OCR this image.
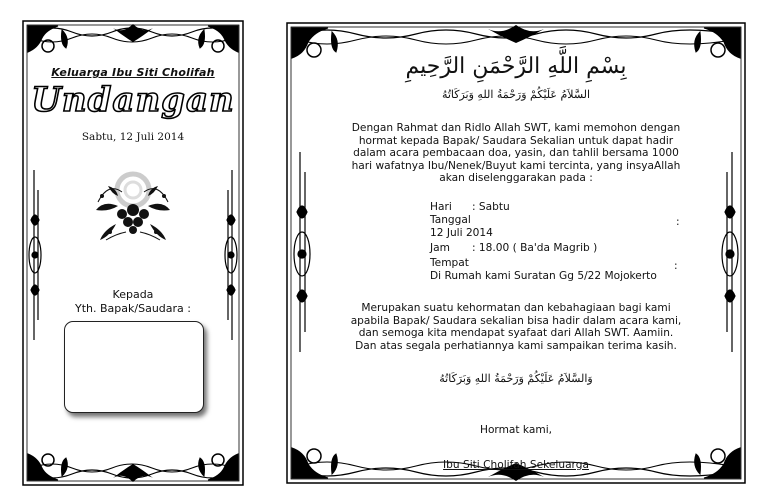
Keluarga Ibu Siti Cholifah
Undangan
Sabtu, 12 Juli 2014
Kepada
Yth. Bapak/Saudara :
بِسْمِ اللَّهِ الرَّحْمَنِ الرَّحِيمِ
السَّلاَمُ عَلَيْكُمْ وَرَحْمَةُ اللهِ وَبَرَكَاتُهُ
Dengan Rahmat dan Ridlo Allah SWT, kami memohon dengan
hormat kepada Bapak/ Saudara Sekalian untuk dapat hadir
dalam acara pembacaan doa, yasin, dan tahlil bersama 1000
hari wafatnya Ibu/Nenek/Buyut kami tercinta, yang insyaAllah
akan diselenggarakan pada :
Hari : Sabtu
Tanggal	:
12 Juli 2014
Jam : 18.00 ( Ba'da Magrib )
Tempat	:
Di Rumah kami Suratan Gg 5/22 Mojokerto
Merupakan suatu kehormatan dan kebahagiaan bagi kami
apabila Bapak/ Saudara sekalian bisa hadir dalam acara kami,
dan semoga kita mendapat syafaat dari Allah SWT. Aamiin.
Dan atas segala perhatiannya kami sampaikan terima kasih.
وَالسَّلاَمُ عَلَيْكُمْ وَرَحْمَةُ اللهِ وَبَرَكَاتُهُ
Hormat kami,
Ibu Siti Cholifah Sekeluarga
